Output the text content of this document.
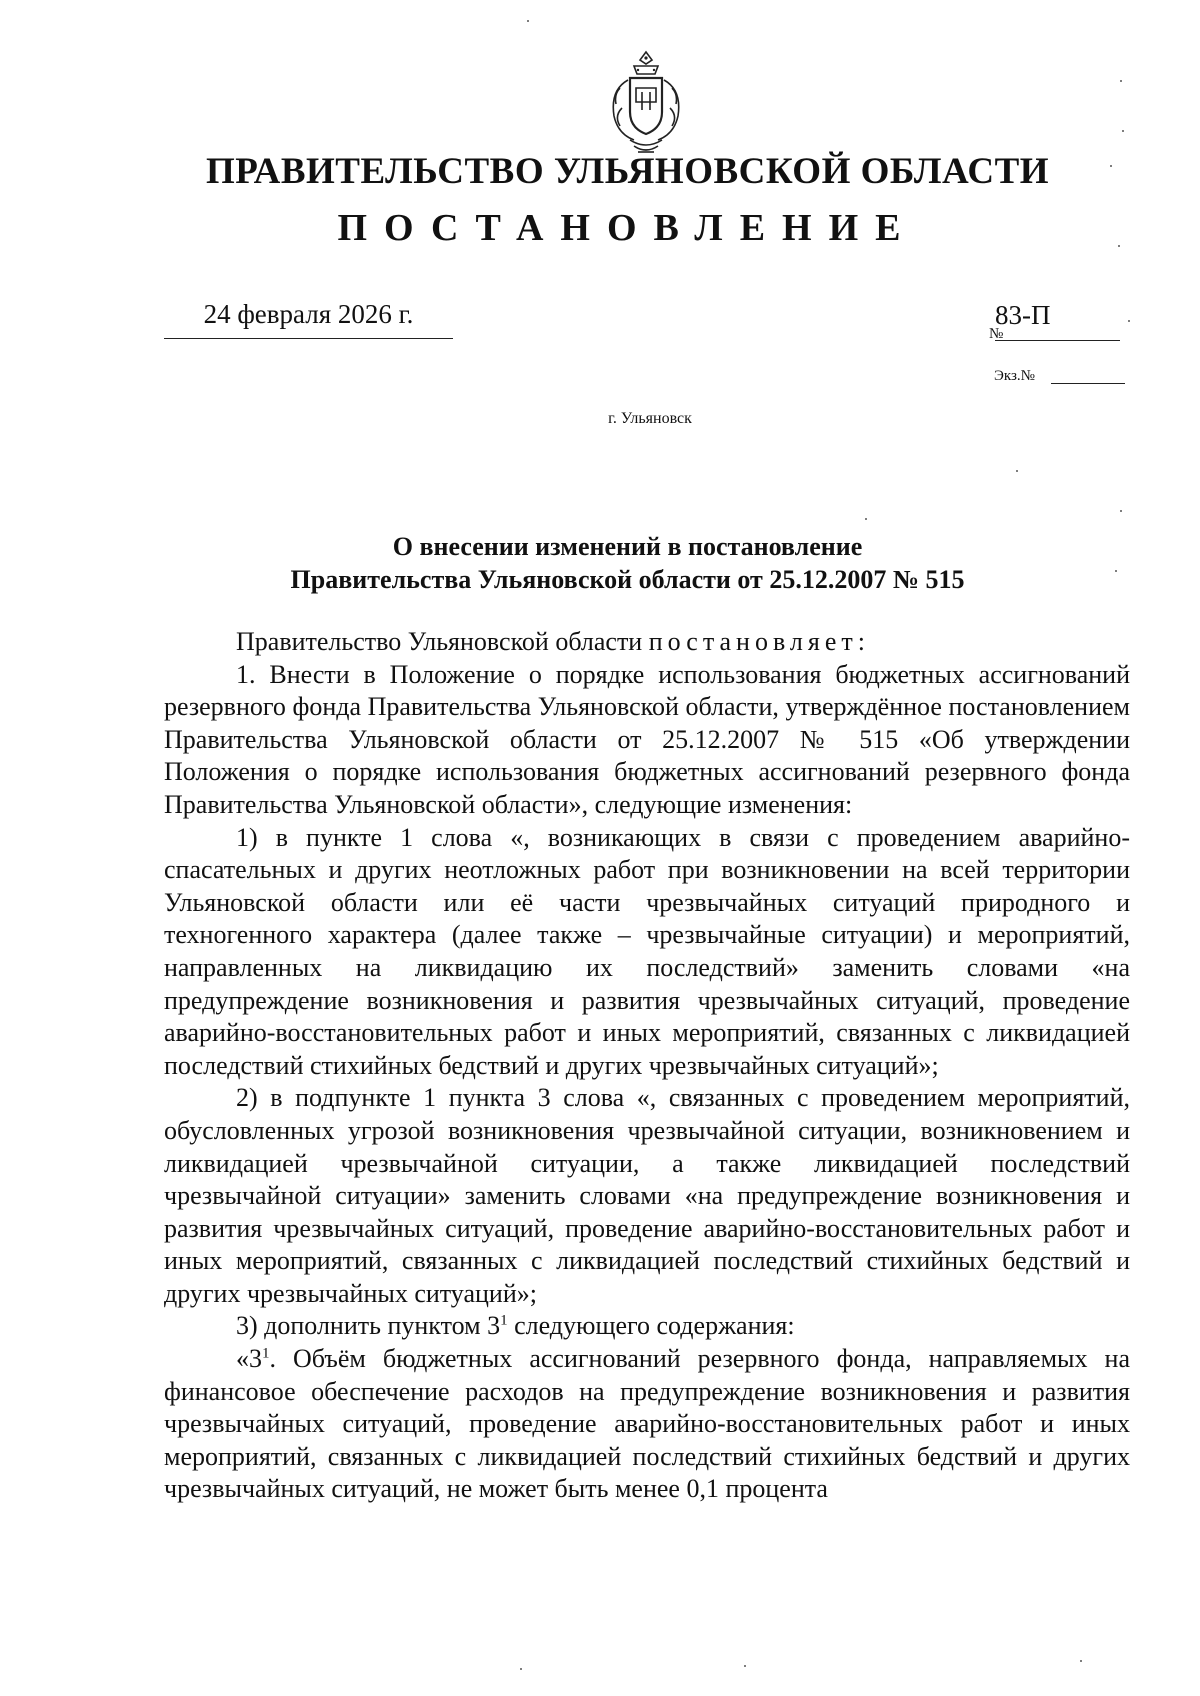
ПРАВИТЕЛЬСТВО УЛЬЯНОВСКОЙ ОБЛАСТИ
ПОСТАНОВЛЕНИЕ
24 февраля 2026 г.
№
83-П
Экз.№
г. Ульяновск
О внесении изменений в постановление
Правительства Ульяновской области от 25.12.2007 № 515

Правительство Ульяновской области постановляет:

1. Внести в Положение о порядке использования бюджетных ассигнований резервного фонда Правительства Ульяновской области, утверждённое постановлением Правительства Ульяновской области от 25.12.2007 № 515 «Об утверждении Положения о порядке использования бюджетных ассигнований резервного фонда Правительства Ульяновской области», следующие изменения:

1) в пункте 1 слова «, возникающих в связи с проведением аварийно-спасательных и других неотложных работ при возникновении на всей территории Ульяновской области или её части чрезвычайных ситуаций природного и техногенного характера (далее также – чрезвычайные ситуации) и мероприятий, направленных на ликвидацию их последствий» заменить словами «на предупреждение возникновения и развития чрезвычайных ситуаций, проведение аварийно-восстановительных работ и иных мероприятий, связанных с ликвидацией последствий стихийных бедствий и других чрезвычайных ситуаций»;

2) в подпункте 1 пункта 3 слова «, связанных с проведением мероприятий, обусловленных угрозой возникновения чрезвычайной ситуации, возникновением и ликвидацией чрезвычайной ситуации, а также ликвидацией последствий чрезвычайной ситуации» заменить словами «на предупреждение возникновения и развития чрезвычайных ситуаций, проведение аварийно-восстановительных работ и иных мероприятий, связанных с ликвидацией последствий стихийных бедствий и других чрезвычайных ситуаций»;

3) дополнить пунктом $3^1$ следующего содержания:

«$3^1$. Объём бюджетных ассигнований резервного фонда, направляемых на финансовое обеспечение расходов на предупреждение возникновения и развития чрезвычайных ситуаций, проведение аварийно-восстановительных работ и иных мероприятий, связанных с ликвидацией последствий стихийных бедствий и других чрезвычайных ситуаций, не может быть менее 0,1 процента
